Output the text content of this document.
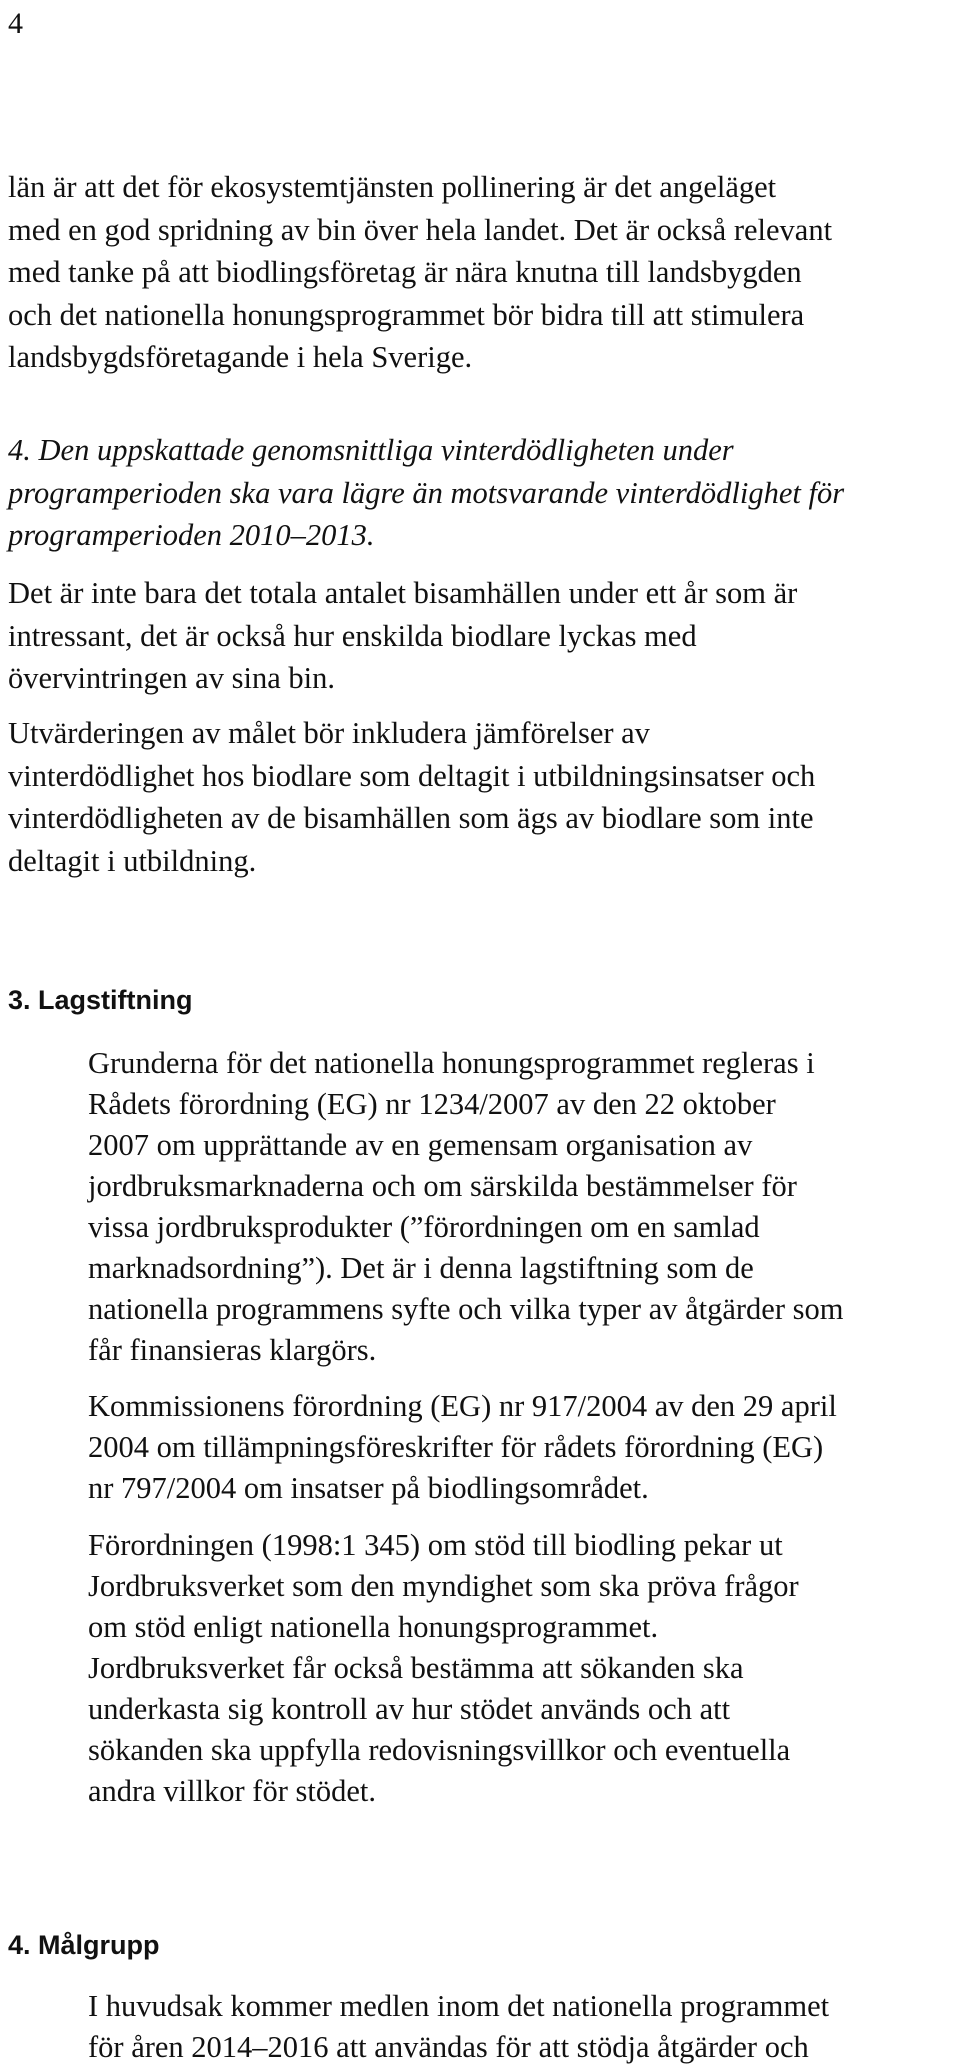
4
län är att det för ekosystemtjänsten pollinering är det angeläget
med en god spridning av bin över hela landet. Det är också relevant
med tanke på att biodlingsföretag är nära knutna till landsbygden
och det nationella honungsprogrammet bör bidra till att stimulera
landsbygdsföretagande i hela Sverige.
4. Den uppskattade genomsnittliga vinterdödligheten under
programperioden ska vara lägre än motsvarande vinterdödlighet för
programperioden 2010–2013.
Det är inte bara det totala antalet bisamhällen under ett år som är
intressant, det är också hur enskilda biodlare lyckas med
övervintringen av sina bin.
Utvärderingen av målet bör inkludera jämförelser av
vinterdödlighet hos biodlare som deltagit i utbildningsinsatser och
vinterdödligheten av de bisamhällen som ägs av biodlare som inte
deltagit i utbildning.
3. Lagstiftning
Grunderna för det nationella honungsprogrammet regleras i
Rådets förordning (EG) nr 1234/2007 av den 22 oktober
2007 om upprättande av en gemensam organisation av
jordbruksmarknaderna och om särskilda bestämmelser för
vissa jordbruksprodukter (”förordningen om en samlad
marknadsordning”). Det är i denna lagstiftning som de
nationella programmens syfte och vilka typer av åtgärder som
får finansieras klargörs.
Kommissionens förordning (EG) nr 917/2004 av den 29 april
2004 om tillämpningsföreskrifter för rådets förordning (EG)
nr 797/2004 om insatser på biodlingsområdet.
Förordningen (1998:1 345) om stöd till biodling pekar ut
Jordbruksverket som den myndighet som ska pröva frågor
om stöd enligt nationella honungsprogrammet.
Jordbruksverket får också bestämma att sökanden ska
underkasta sig kontroll av hur stödet används och att
sökanden ska uppfylla redovisningsvillkor och eventuella
andra villkor för stödet.
4. Målgrupp
I huvudsak kommer medlen inom det nationella programmet
för åren 2014–2016 att användas för att stödja åtgärder och
